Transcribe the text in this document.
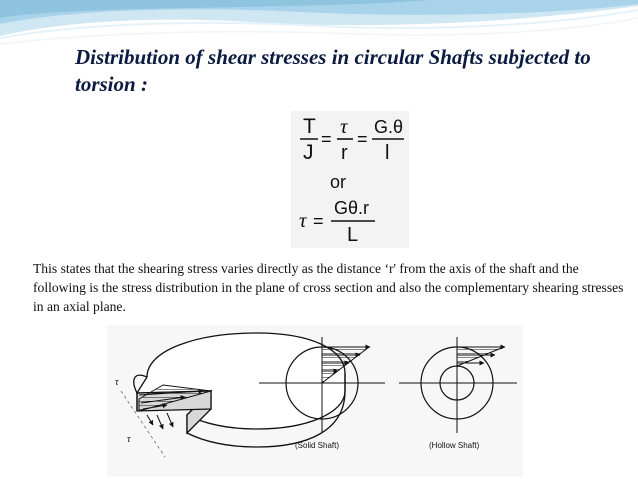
Distribution of shear stresses in circular Shafts subjected to torsion :

T
J
=
τ
r
=
G.θ
l
or
τ =
Gθ.r
L

This states that the shearing stress varies directly as the distance ‘r' from the axis of the shaft and the following is the stress distribution in the plane of cross section and also the complementary shearing stresses in an axial plane.

τ
τ
(Solid Shaft)	(Hollow Shaft)
